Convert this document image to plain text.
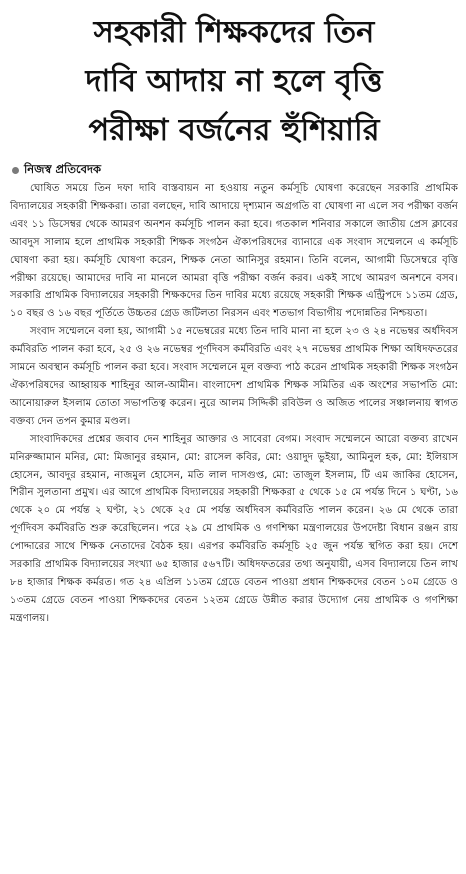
সহকারী শিক্ষকদের তিন
দাবি আদায় না হলে বৃত্তি
পরীক্ষা বর্জনের হুঁশিয়ারি
নিজস্ব প্রতিবেদক

ঘোষিত সময়ে তিন দফা দাবি বাস্তবায়ন না হওয়ায় নতুন কর্মসূচি ঘোষণা করেছেন সরকারি প্রাথমিক বিদ্যালয়ের সহকারী শিক্ষকরা। তারা বলছেন, দাবি আদায়ে দৃশ্যমান অগ্রগতি বা ঘোষণা না এলে সব পরীক্ষা বর্জন এবং ১১ ডিসেম্বর থেকে আমরণ অনশন কর্মসূচি পালন করা হবে। গতকাল শনিবার সকালে জাতীয় প্রেস ক্লাবের আবদুস সালাম হলে প্রাথমিক সহকারী শিক্ষক সংগঠন ঐক্যপরিষদের ব্যানারে এক সংবাদ সম্মেলনে এ কর্মসূচি ঘোষণা করা হয়। কর্মসূচি ঘোষণা করেন, শিক্ষক নেতা আনিসুর রহমান। তিনি বলেন, আগামী ডিসেম্বরে বৃত্তি পরীক্ষা রয়েছে। আমাদের দাবি না মানলে আমরা বৃত্তি পরীক্ষা বর্জন করব। একই সাথে আমরণ অনশনে বসব। সরকারি প্রাথমিক বিদ্যালয়ের সহকারী শিক্ষকদের তিন দাবির মধ্যে রয়েছে সহকারী শিক্ষক এন্ট্রিপদে ১১তম গ্রেড, ১০ বছর ও ১৬ বছর পূর্তিতে উচ্চতর গ্রেড জটিলতা নিরসন এবং শতভাগ বিভাগীয় পদোন্নতির নিশ্চয়তা।

সংবাদ সম্মেলনে বলা হয়, আগামী ১৫ নভেম্বরের মধ্যে তিন দাবি মানা না হলে ২৩ ও ২৪ নভেম্বর অর্ধদিবস কর্মবিরতি পালন করা হবে, ২৫ ও ২৬ নভেম্বর পূর্ণদিবস কর্মবিরতি এবং ২৭ নভেম্বর প্রাথমিক শিক্ষা অধিদফতরের সামনে অবস্থান কর্মসূচি পালন করা হবে। সংবাদ সম্মেলনে মূল বক্তব্য পাঠ করেন প্রাথমিক সহকারী শিক্ষক সংগঠন ঐক্যপরিষদের আহ্বায়ক শাহিনুর আল-আমীন। বাংলাদেশ প্রাথমিক শিক্ষক সমিতির এক অংশের সভাপতি মো: আনোয়ারুল ইসলাম তোতা সভাপতিত্ব করেন। নুরে আলম সিদ্দিকী রবিউল ও অজিত পালের সঞ্চালনায় স্বাগত বক্তব্য দেন তপন কুমার মণ্ডল।

সাংবাদিকদের প্রশ্নের জবাব দেন শাহিনুর আক্তার ও সাবেরা বেগম। সংবাদ সম্মেলনে আরো বক্তব্য রাখেন মনিরুজ্জামান মনির, মো: মিজানুর রহমান, মো: রাসেল কবির, মো: ওয়াদুদ ভুইয়া, আমিনুল হক, মো: ইলিয়াস হোসেন, আবদুর রহমান, নাজমুল হোসেন, মতি লাল দাসগুপ্ত, মো: তাজুল ইসলাম, টি এম জাকির হোসেন, শিরীন সুলতানা প্রমুখ। এর আগে প্রাথমিক বিদ্যালয়ের সহকারী শিক্ষকরা ৫ থেকে ১৫ মে পর্যন্ত দিনে ১ ঘণ্টা, ১৬ থেকে ২০ মে পর্যন্ত ২ ঘণ্টা, ২১ থেকে ২৫ মে পর্যন্ত অর্ধদিবস কর্মবিরতি পালন করেন। ২৬ মে থেকে তারা পূর্ণদিবস কর্মবিরতি শুরু করেছিলেন। পরে ২৯ মে প্রাথমিক ও গণশিক্ষা মন্ত্রণালয়ের উপদেষ্টা বিধান রঞ্জন রায় পোদ্দারের সাথে শিক্ষক নেতাদের বৈঠক হয়। এরপর কর্মবিরতি কর্মসূচি ২৫ জুন পর্যন্ত স্থগিত করা হয়। দেশে সরকারি প্রাথমিক বিদ্যালয়ের সংখ্যা ৬৫ হাজার ৫৬৭টি। অধিদফতরের তথ্য অনুযায়ী, এসব বিদ্যালয়ে তিন লাখ ৮৪ হাজার শিক্ষক কর্মরত। গত ২৪ এপ্রিল ১১তম গ্রেডে বেতন পাওয়া প্রধান শিক্ষকদের বেতন ১০ম গ্রেডে ও ১৩তম গ্রেডে বেতন পাওয়া শিক্ষকদের বেতন ১২তম গ্রেডে উন্নীত করার উদ্যোগ নেয় প্রাথমিক ও গণশিক্ষা মন্ত্রণালয়।
